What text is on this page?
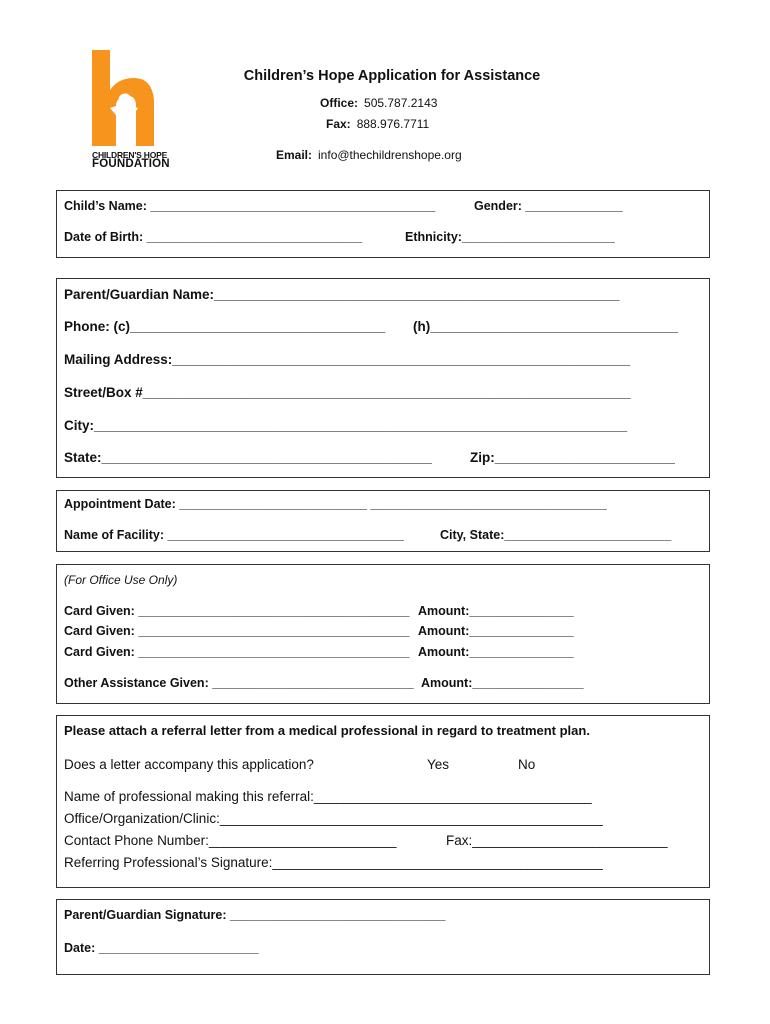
CHILDREN'S HOPE
FOUNDATION
Children’s Hope Application for Assistance
Office: 505.787.2143
Fax: 888.976.7711
Email: info@thechildrenshope.org
Child’s Name: _________________________________________	Gender: ______________
Date of Birth: _______________________________	Ethnicity:______________________
Parent/Guardian Name:______________________________________________________
Phone: (c)__________________________________ (h)_________________________________
Mailing Address:_____________________________________________________________
Street/Box #_________________________________________________________________
City:_______________________________________________________________________
State:____________________________________________	Zip:________________________
Appointment Date: ___________________________ __________________________________
Name of Facility: __________________________________	City, State:________________________
(For Office Use Only)
Card Given: _______________________________________ Amount:_______________
Card Given: _______________________________________ Amount:_______________
Card Given: _______________________________________ Amount:_______________
Other Assistance Given: _____________________________ Amount:________________
Please attach a referral letter from a medical professional in regard to treatment plan.
Does a letter accompany this application?	Yes	No
Name of professional making this referral:_____________________________________
Office/Organization/Clinic:___________________________________________________
Contact Phone Number:_________________________	Fax:__________________________
Referring Professional’s Signature:____________________________________________
Parent/Guardian Signature: _______________________________
Date: _______________________
